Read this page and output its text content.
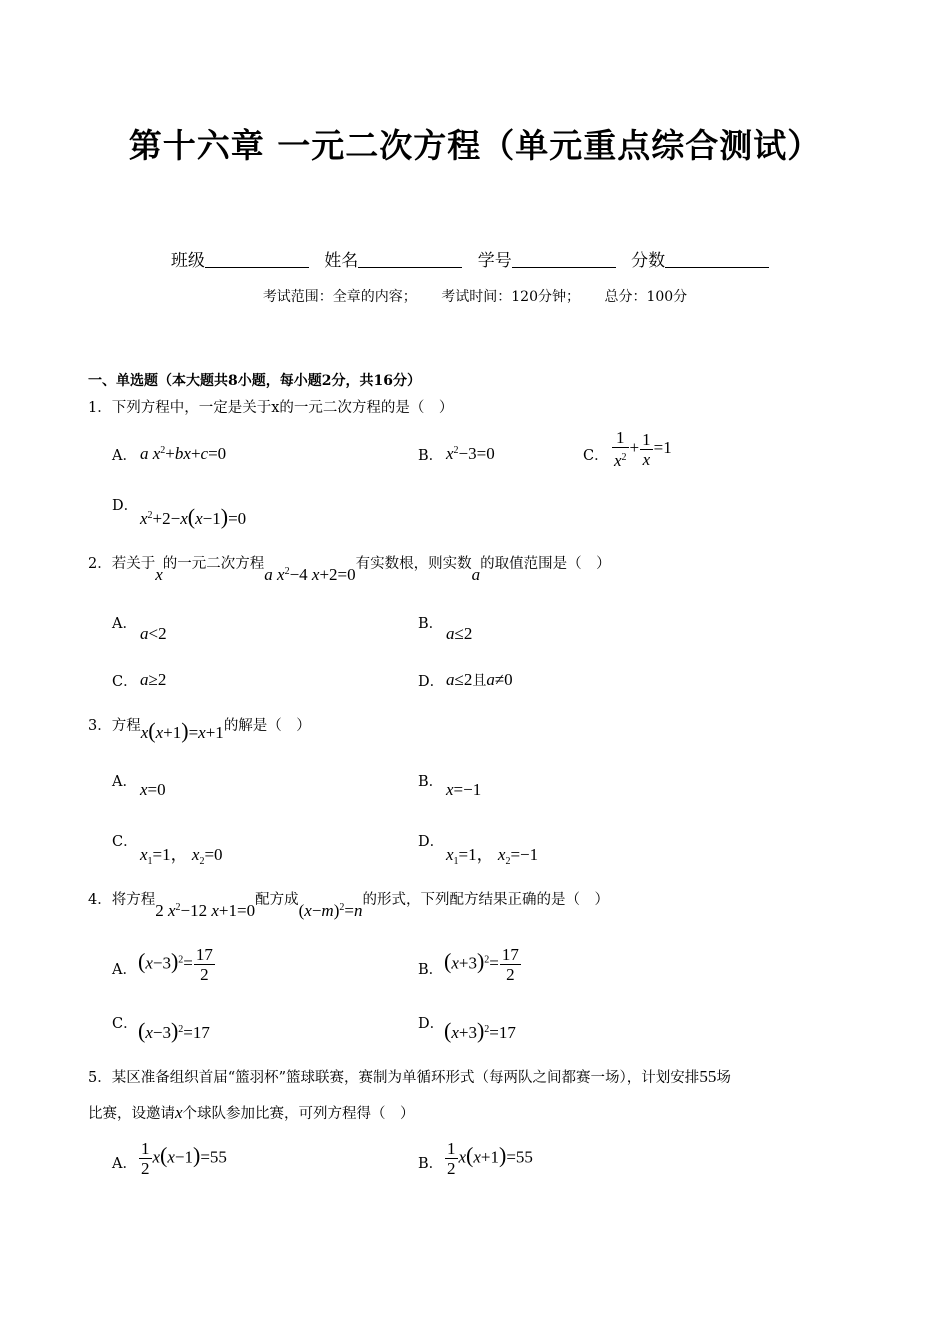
第十六章 一元二次方程（单元重点综合测试）
班级	姓名	学号	分数
考试范围：全章的内容； 考试时间：120分钟； 总分：100分
一、单选题（本大题共8小题，每小题2分，共16分）
1．下列方程中，一定是关于x的一元二次方程的是（　）
A． a $x^2+bx+c=0$	B． $x^2-3=0$	C． $\frac{1}{x^2} + \frac{1}{x} =1$
D．
$x^2+2-x(x-1)=0$
2．若关于x的一元二次方程a $x^2-4$ x+2=0有实数根，则实数a的取值范围是（　）
A． a<2	B． a≤2
C． a≥2	D． a≤2且a≠0
3．方程x(x+1)=x+1的解是（　）
A． x=0	B． x=−1
C．
$x_1=1$， $x_2=0$
D．
$x_1=1$， $x_2=-1$
4．将方程2 $x^2-12$ x+1=0配方成$(x-m)^2=n$的形式，下列配方结果正确的是（　）
A． $(x-3)^2= \frac{17}{2}$	B． $(x+3)^2= \frac{17}{2}$
C． $(x-3)^2=17$	D． $(x+3)^2=17$
5．某区准备组织首届“篮羽杯”篮球联赛，赛制为单循环形式（每两队之间都赛一场），计划安排55场
比赛，设邀请x个球队参加比赛，可列方程得（　）
A． $\frac{1}{2} x(x-1)=55$	B． $\frac{1}{2} x(x+1)=55$
